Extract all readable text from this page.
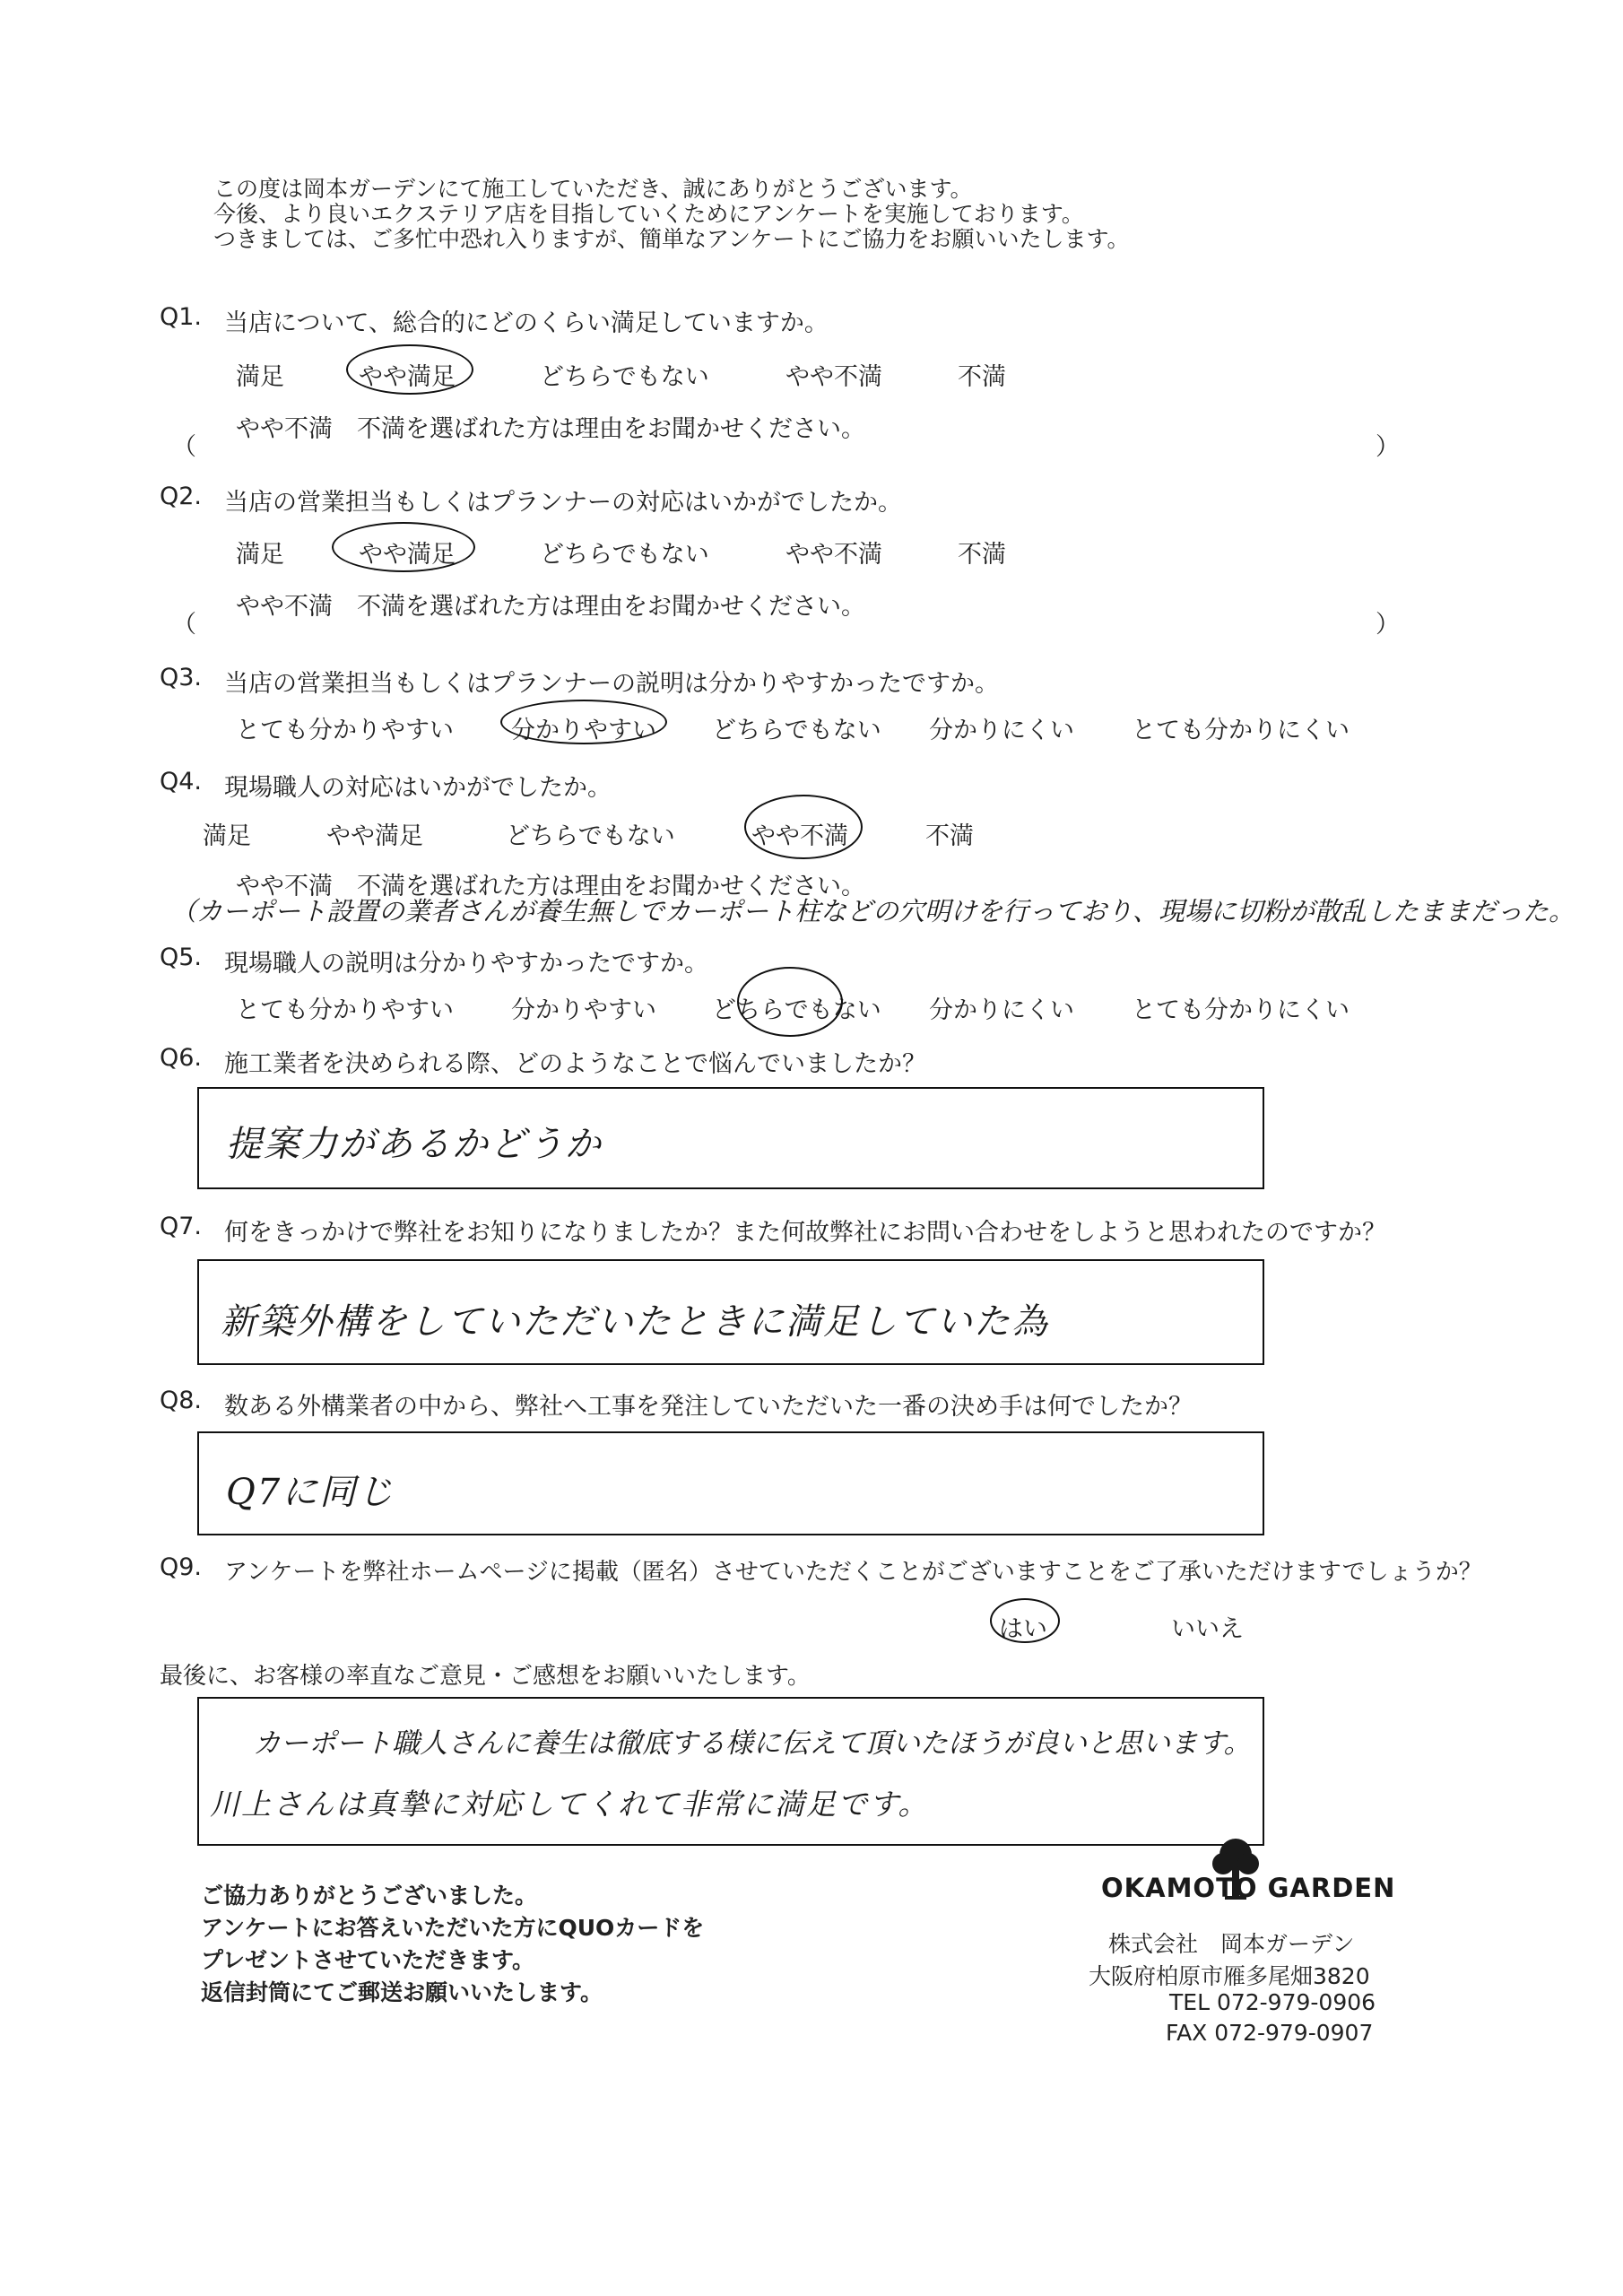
この度は岡本ガーデンにて施工していただき、誠にありがとうございます。
今後、より良いエクステリア店を目指していくためにアンケートを実施しております。
つきましては、ご多忙中恐れ入りますが、簡単なアンケートにご協力をお願いいたします。
Q1. 当店について、総合的にどのくらい満足していますか。
満足	やや満足	どちらでもない	やや不満	不満
やや不満　不満を選ばれた方は理由をお聞かせください。
（	）
Q2. 当店の営業担当もしくはプランナーの対応はいかがでしたか。
満足	やや満足	どちらでもない	やや不満	不満
やや不満　不満を選ばれた方は理由をお聞かせください。
（	）
Q3. 当店の営業担当もしくはプランナーの説明は分かりやすかったですか。
とても分かりやすい 分かりやすい どちらでもない 分かりにくい とても分かりにくい
Q4. 現場職人の対応はいかがでしたか。
満足	やや満足	どちらでもない	やや不満	不満
やや不満　不満を選ばれた方は理由をお聞かせください。
（カーポート設置の業者さんが養生無しでカーポート柱などの穴明けを行っており、現場に切粉が散乱したままだった。
Q5. 現場職人の説明は分かりやすかったですか。
とても分かりやすい 分かりやすい どちらでもない 分かりにくい とても分かりにくい
Q6. 施工業者を決められる際、どのようなことで悩んでいましたか？
提案力があるかどうか
Q7. 何をきっかけで弊社をお知りになりましたか？また何故弊社にお問い合わせをしようと思われたのですか？
新築外構をしていただいたときに満足していた為
Q8. 数ある外構業者の中から、弊社へ工事を発注していただいた一番の決め手は何でしたか？
Q7に同じ
Q9. アンケートを弊社ホームページに掲載（匿名）させていただくことがございますことをご了承いただけますでしょうか？
はい	いいえ
最後に、お客様の率直なご意見・ご感想をお願いいたします。
カーポート職人さんに養生は徹底する様に伝えて頂いたほうが良いと思います。
川上さんは真摯に対応してくれて非常に満足です。
ご協力ありがとうございました。
アンケートにお答えいただいた方にQUOカードを
プレゼントさせていただきます。
返信封筒にてご郵送お願いいたします。
OKAMOTO GARDEN
株式会社　岡本ガーデン
大阪府柏原市雁多尾畑3820
TEL 072-979-0906
FAX 072-979-0907
